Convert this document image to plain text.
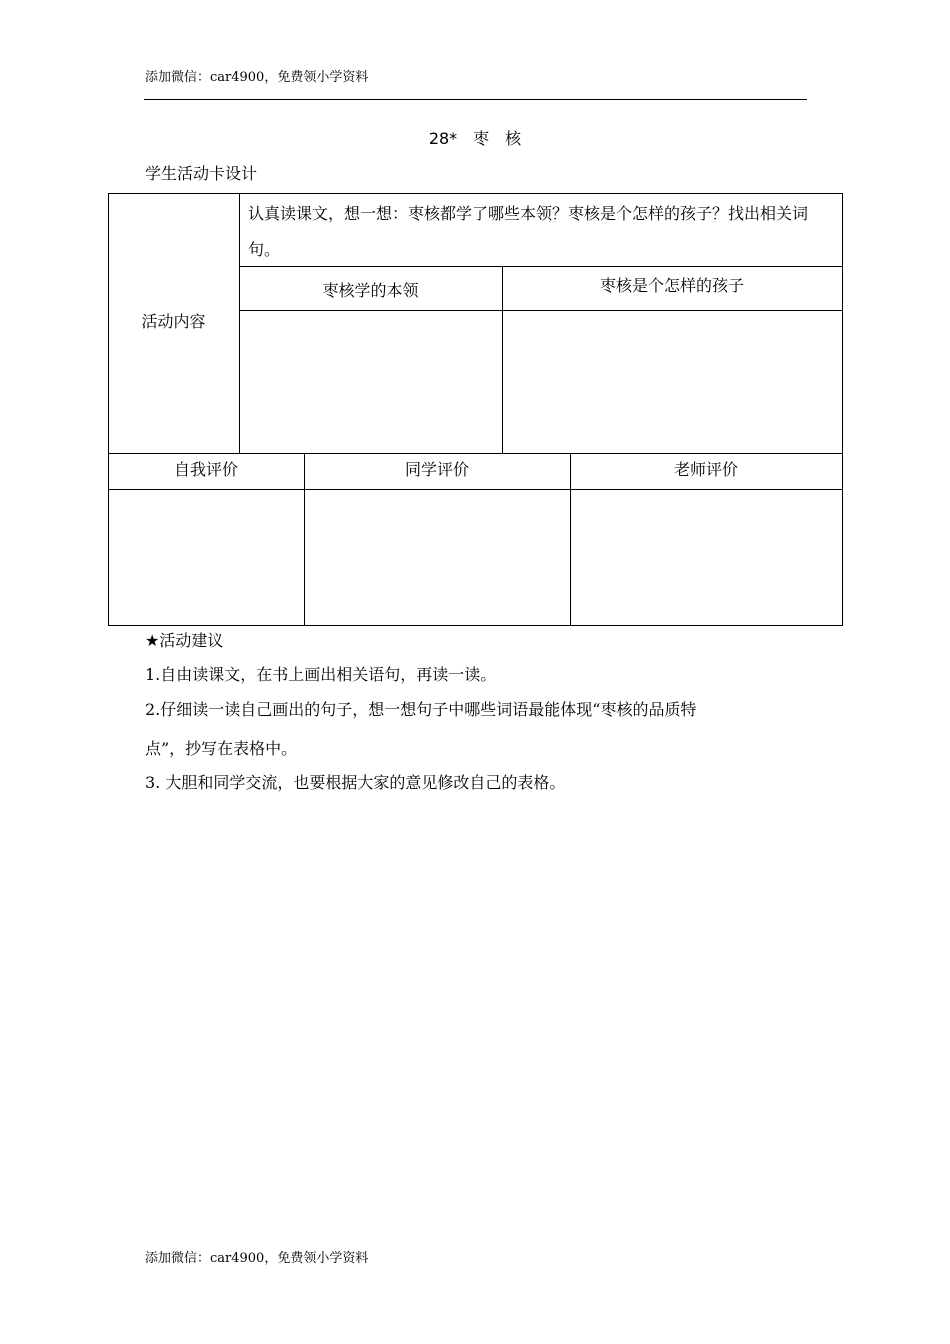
添加微信：car4900，免费领小学资料
28*　枣　核
学生活动卡设计
活动内容
认真读课文，想一想：枣核都学了哪些本领？枣核是个怎样的孩子？找出相关词句。
枣核学的本领	枣核是个怎样的孩子
自我评价	同学评价	老师评价
★活动建议
1.自由读课文，在书上画出相关语句，再读一读。
2.仔细读一读自己画出的句子，想一想句子中哪些词语最能体现“枣核的品质特
点”，抄写在表格中。
3. 大胆和同学交流，也要根据大家的意见修改自己的表格。
添加微信：car4900，免费领小学资料
